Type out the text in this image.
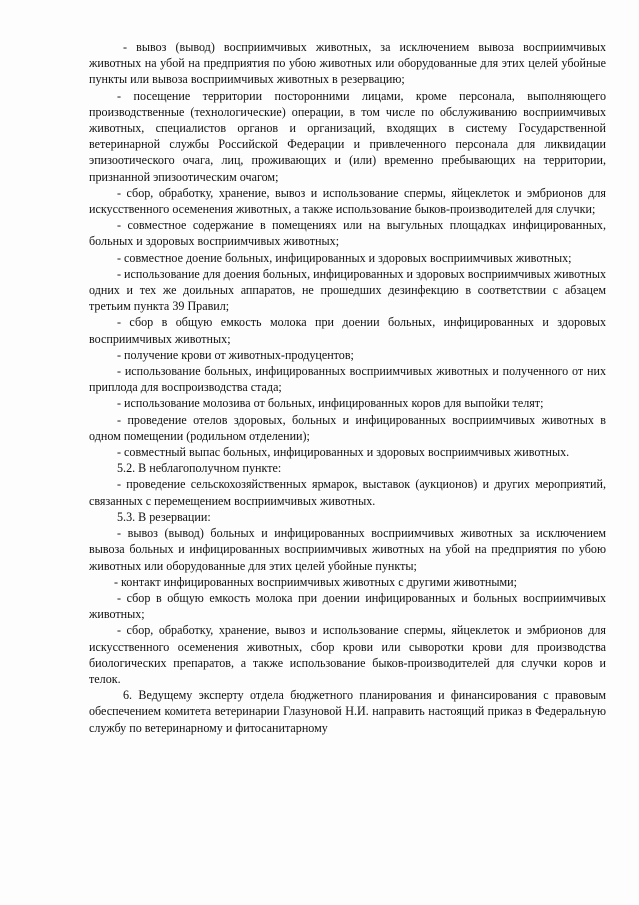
- вывоз (вывод) восприимчивых животных, за исключением вывоза восприимчивых животных на убой на предприятия по убою животных или оборудованные для этих целей убойные пункты или вывоза восприимчивых животных в резервацию;

- посещение территории посторонними лицами, кроме персонала, выполняющего производственные (технологические) операции, в том числе по обслуживанию восприимчивых животных, специалистов органов и организаций, входящих в систему Государственной ветеринарной службы Российской Федерации и привлеченного персонала для ликвидации эпизоотического очага, лиц, проживающих и (или) временно пребывающих на территории, признанной эпизоотическим очагом;

- сбор, обработку, хранение, вывоз и использование спермы, яйцеклеток и эмбрионов для искусственного осеменения животных, а также использование быков-производителей для случки;

- совместное содержание в помещениях или на выгульных площадках инфицированных, больных и здоровых восприимчивых животных;

- совместное доение больных, инфицированных и здоровых восприимчивых животных;

- использование для доения больных, инфицированных и здоровых восприимчивых животных одних и тех же доильных аппаратов, не прошедших дезинфекцию в соответствии с абзацем третьим пункта 39 Правил;

- сбор в общую емкость молока при доении больных, инфицированных и здоровых восприимчивых животных;

- получение крови от животных-продуцентов;

- использование больных, инфицированных восприимчивых животных и полученного от них приплода для воспроизводства стада;

- использование молозива от больных, инфицированных коров для выпойки телят;

- проведение отелов здоровых, больных и инфицированных восприимчивых животных в одном помещении (родильном отделении);

- совместный выпас больных, инфицированных и здоровых восприимчивых животных.

5.2. В неблагополучном пункте:

- проведение сельскохозяйственных ярмарок, выставок (аукционов) и других мероприятий, связанных с перемещением восприимчивых животных.

5.3. В резервации:

- вывоз (вывод) больных и инфицированных восприимчивых животных за исключением вывоза больных и инфицированных восприимчивых животных на убой на предприятия по убою животных или оборудованные для этих целей убойные пункты;

- контакт инфицированных восприимчивых животных с другими животными;

- сбор в общую емкость молока при доении инфицированных и больных восприимчивых животных;

- сбор, обработку, хранение, вывоз и использование спермы, яйцеклеток и эмбрионов для искусственного осеменения животных, сбор крови или сыворотки крови для производства биологических препаратов, а также использование быков-производителей для случки коров и телок.

6. Ведущему эксперту отдела бюджетного планирования и финансирования с правовым обеспечением комитета ветеринарии Глазуновой Н.И. направить настоящий приказ в Федеральную службу по ветеринарному и фитосанитарному
